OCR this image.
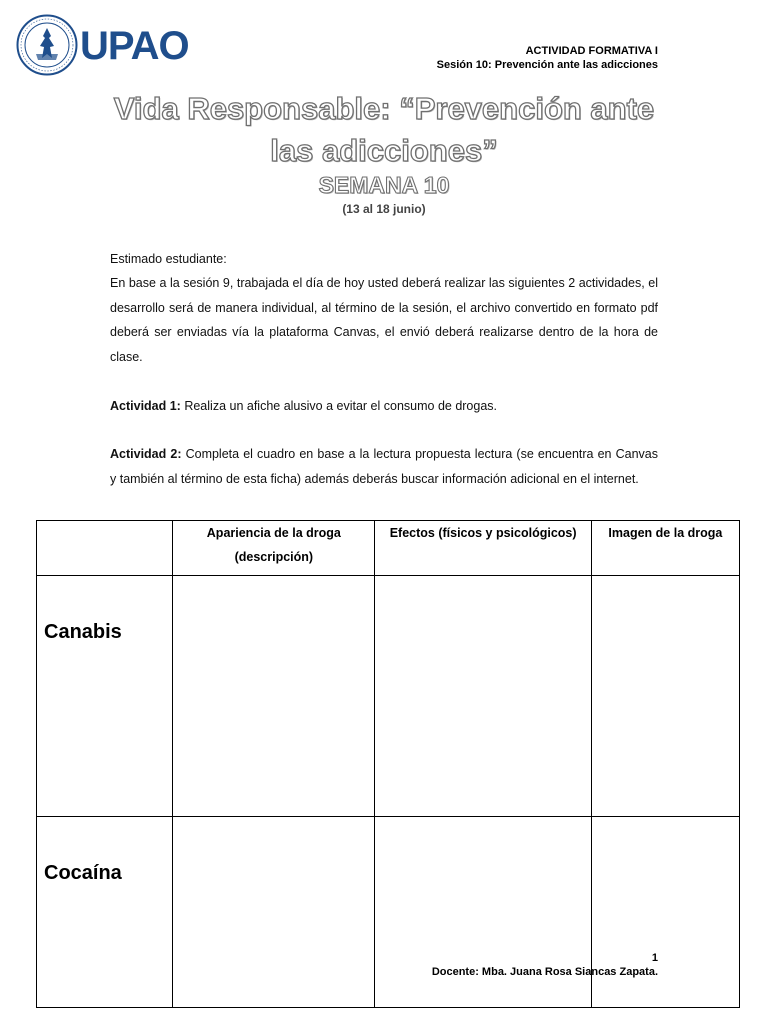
UPAO	ACTIVIDAD FORMATIVA I
Sesión 10: Prevención ante las adicciones
Vida Responsable: “Prevención ante las adicciones”
SEMANA 10
(13 al 18 junio)
Estimado estudiante:
En base a la sesión 9, trabajada el día de hoy usted deberá realizar las siguientes 2 actividades, el desarrollo será de manera individual, al término de la sesión, el archivo convertido en formato pdf deberá ser enviadas vía la plataforma Canvas, el envió deberá realizarse dentro de la hora de clase.
Actividad 1: Realiza un afiche alusivo a evitar el consumo de drogas.
Actividad 2: Completa el cuadro en base a la lectura propuesta lectura (se encuentra en Canvas y también al término de esta ficha) además deberás buscar información adicional en el internet.
	Apariencia de la droga (descripción)	Efectos (físicos y psicológicos)	Imagen de la droga
Canabis			
Cocaína			
1
Docente: Mba. Juana Rosa Siancas Zapata.
